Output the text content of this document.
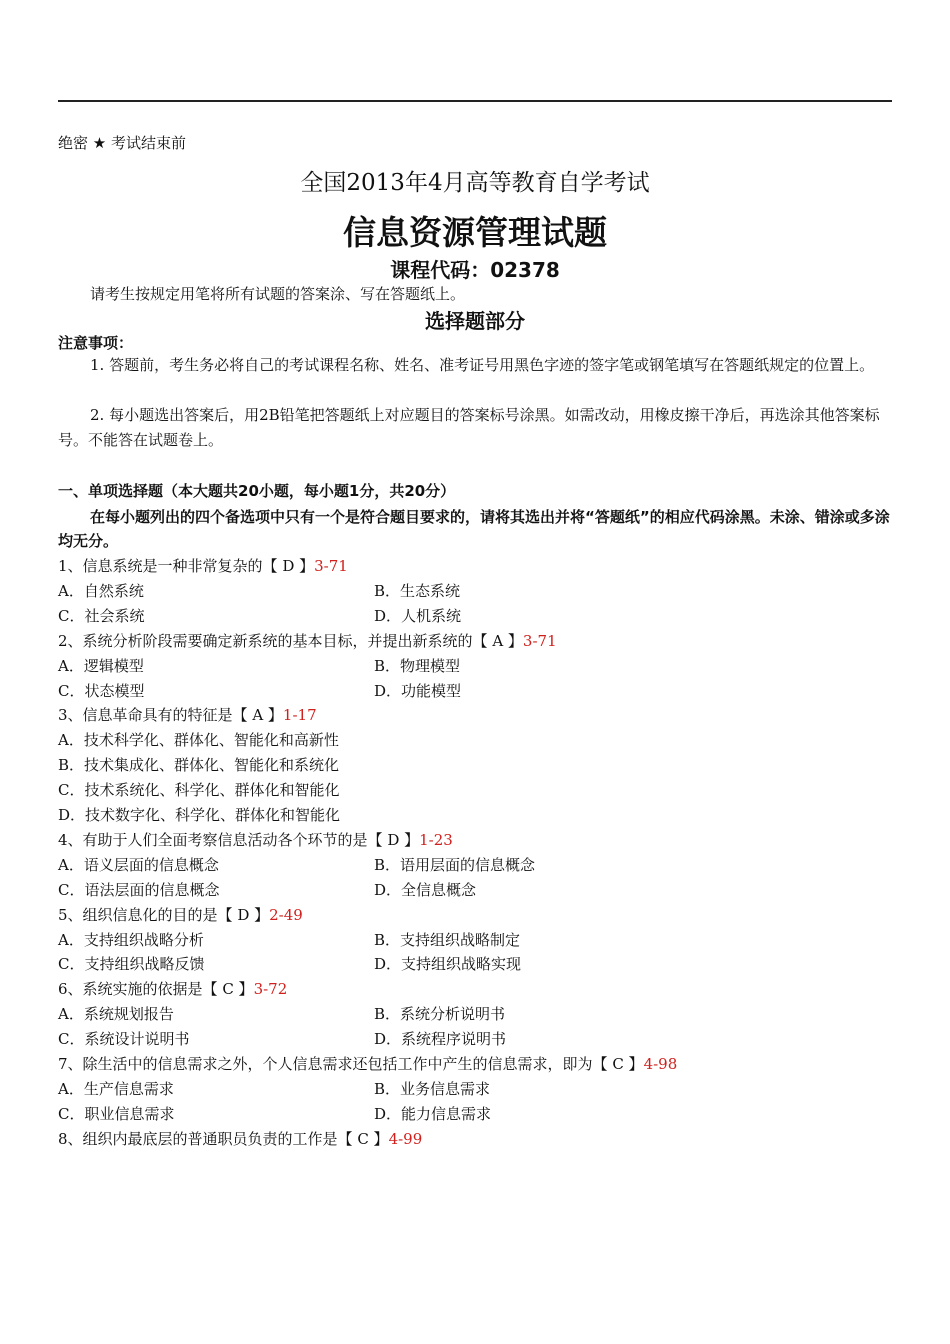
绝密 ★ 考试结束前
全国2013年4月高等教育自学考试
信息资源管理试题
课程代码：02378
请考生按规定用笔将所有试题的答案涂、写在答题纸上。
选择题部分
注意事项：
1. 答题前，考生务必将自己的考试课程名称、姓名、准考证号用黑色字迹的签字笔或钢笔填写在答题纸规定的位置上。
2. 每小题选出答案后，用2B铅笔把答题纸上对应题目的答案标号涂黑。如需改动，用橡皮擦干净后，再选涂其他答案标号。不能答在试题卷上。
一、单项选择题（本大题共20小题，每小题1分，共20分）
在每小题列出的四个备选项中只有一个是符合题目要求的，请将其选出并将“答题纸”的相应代码涂黑。未涂、错涂或多涂均无分。
1、信息系统是一种非常复杂的【 D 】3-71
A．自然系统	B．生态系统
C．社会系统	D．人机系统
2、系统分析阶段需要确定新系统的基本目标，并提出新系统的【 A 】3-71
A．逻辑模型	B．物理模型
C．状态模型	D．功能模型
3、信息革命具有的特征是【 A 】1-17
A．技术科学化、群体化、智能化和高新性
B．技术集成化、群体化、智能化和系统化
C．技术系统化、科学化、群体化和智能化
D．技术数字化、科学化、群体化和智能化
4、有助于人们全面考察信息活动各个环节的是【 D 】1-23
A．语义层面的信息概念	B．语用层面的信息概念
C．语法层面的信息概念	D．全信息概念
5、组织信息化的目的是【 D 】2-49
A．支持组织战略分析	B．支持组织战略制定
C．支持组织战略反馈	D．支持组织战略实现
6、系统实施的依据是【 C 】3-72
A．系统规划报告	B．系统分析说明书
C．系统设计说明书	D．系统程序说明书
7、除生活中的信息需求之外，个人信息需求还包括工作中产生的信息需求，即为【 C 】4-98
A．生产信息需求	B．业务信息需求
C．职业信息需求	D．能力信息需求
8、组织内最底层的普通职员负责的工作是【 C 】4-99
